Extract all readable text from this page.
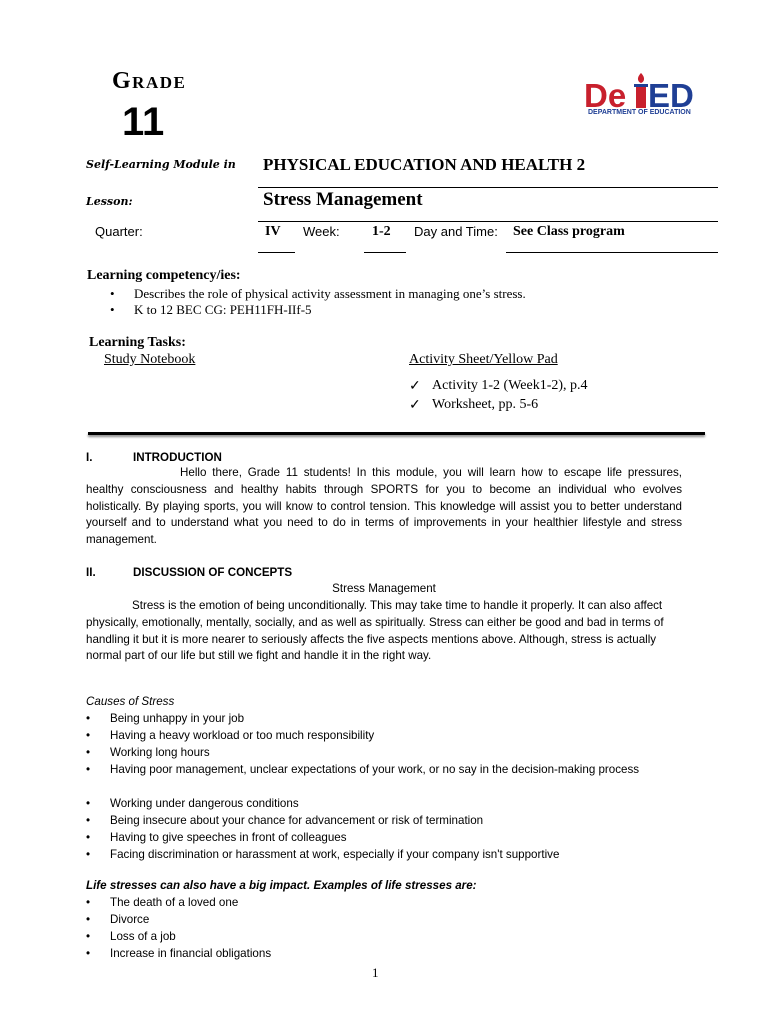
Grade
11
De ED
DEPARTMENT OF EDUCATION
Self-Learning Module in PHYSICAL EDUCATION AND HEALTH 2
Lesson:	Stress Management
Quarter:	IV Week: 1-2 Day and Time: See Class program
Learning competency/ies:
• Describes the role of physical activity assessment in managing one’s stress.
• K to 12 BEC CG: PEH11FH-IIf-5
Learning Tasks:
Study Notebook	Activity Sheet/Yellow Pad
✓ Activity 1-2 (Week1-2), p.4
✓ Worksheet, pp. 5-6
I.	INTRODUCTION
Hello there, Grade 11 students! In this module, you will learn how to escape life pressures, healthy consciousness and healthy habits through SPORTS for you to become an individual who evolves holistically. By playing sports, you will know to control tension. This knowledge will assist you to better understand yourself and to understand what you need to do in terms of improvements in your healthier lifestyle and stress management.
II.	DISCUSSION OF CONCEPTS
Stress Management
Stress is the emotion of being unconditionally. This may take time to handle it properly. It can also affect physically, emotionally, mentally, socially, and as well as spiritually. Stress can either be good and bad in terms of handling it but it is more nearer to seriously affects the five aspects mentions above. Although, stress is actually normal part of our life but still we fight and handle it in the right way.
Causes of Stress
• Being unhappy in your job
• Having a heavy workload or too much responsibility
• Working long hours
• Having poor management, unclear expectations of your work, or no say in the decision-making process
• Working under dangerous conditions
• Being insecure about your chance for advancement or risk of termination
• Having to give speeches in front of colleagues
• Facing discrimination or harassment at work, especially if your company isn't supportive
Life stresses can also have a big impact. Examples of life stresses are:
• The death of a loved one
• Divorce
• Loss of a job
• Increase in financial obligations
1
